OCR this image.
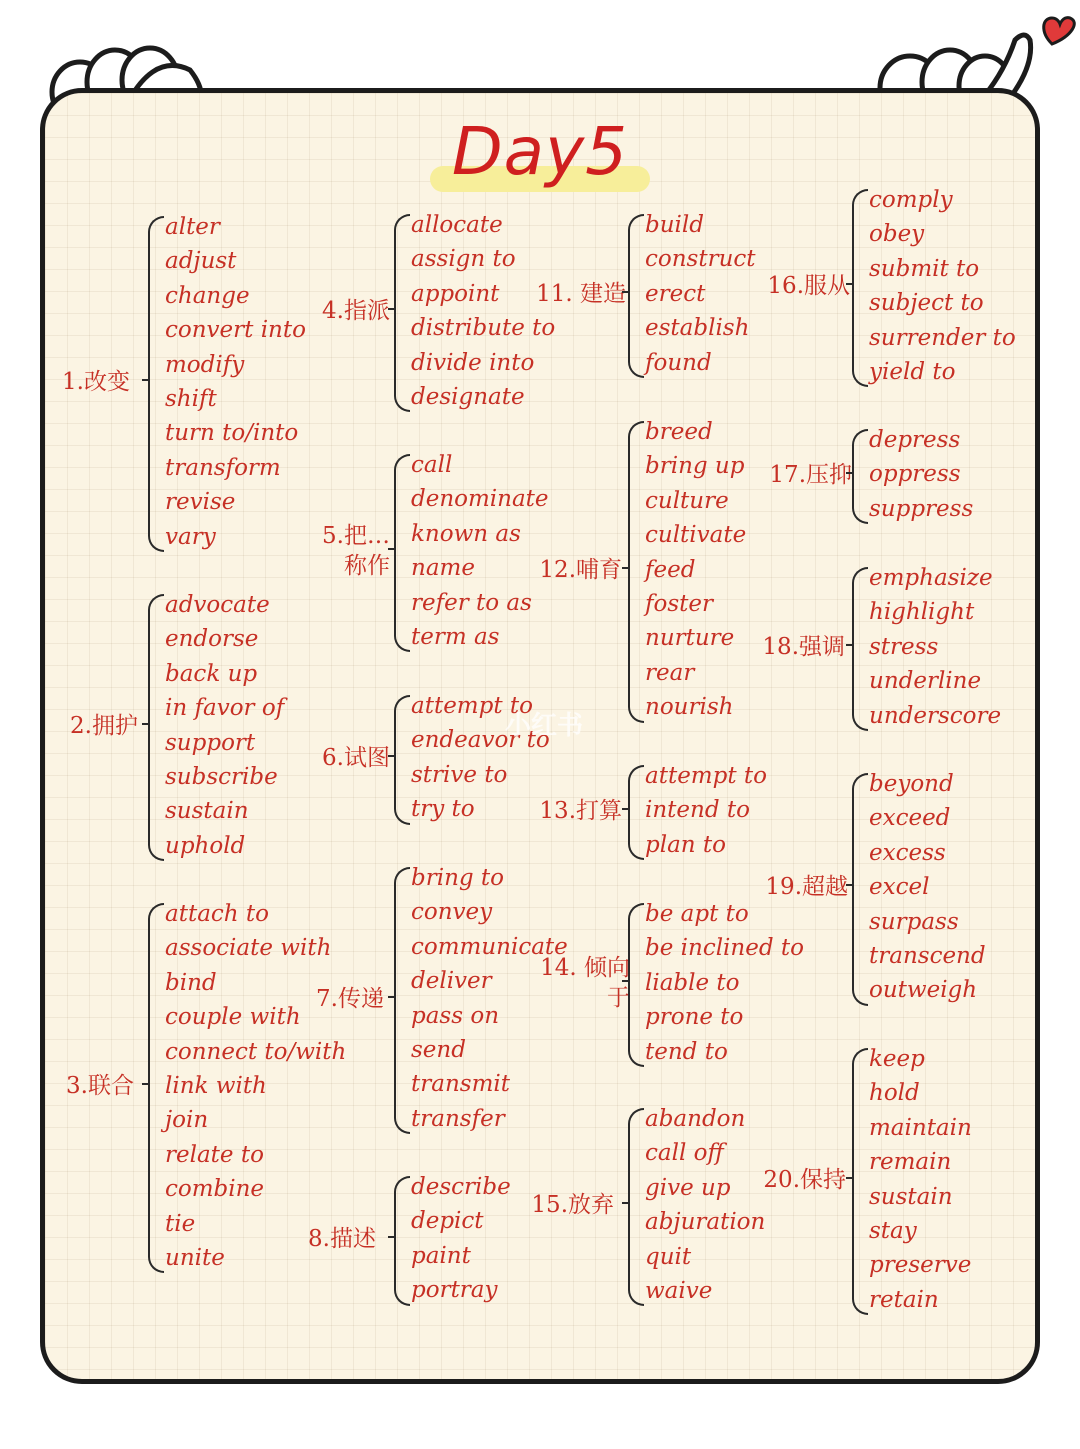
Day5
1.改变
alter
adjust
change
convert into
modify
shift
turn to/into
transform
revise
vary
2.拥护
advocate
endorse
back up
in favor of
support
subscribe
sustain
uphold
3.联合
attach to
associate with
bind
couple with
connect to/with
link with
join
relate to
combine
tie
unite
4.指派
allocate
assign to
appoint
distribute to
divide into
designate
5.把…
称作
call
denominate
known as
name
refer to as
term as
6.试图
attempt to
endeavor to
strive to
try to
7.传递
bring to
convey
communicate
deliver
pass on
send
transmit
transfer
8.描述
describe
depict
paint
portray
11. 建造
build
construct
erect
establish
found
12.哺育
breed
bring up
culture
cultivate
feed
foster
nurture
rear
nourish
13.打算
attempt to
intend to
plan to
14. 倾向
于
be apt to
be inclined to
liable to
prone to
tend to
15.放弃
abandon
call off
give up
abjuration
quit
waive
16.服从
comply
obey
submit to
subject to
surrender to
yield to
17.压抑
depress
oppress
suppress
18.强调
emphasize
highlight
stress
underline
underscore
19.超越
beyond
exceed
excess
excel
surpass
transcend
outweigh
20.保持
keep
hold
maintain
remain
sustain
stay
preserve
retain
小红书
